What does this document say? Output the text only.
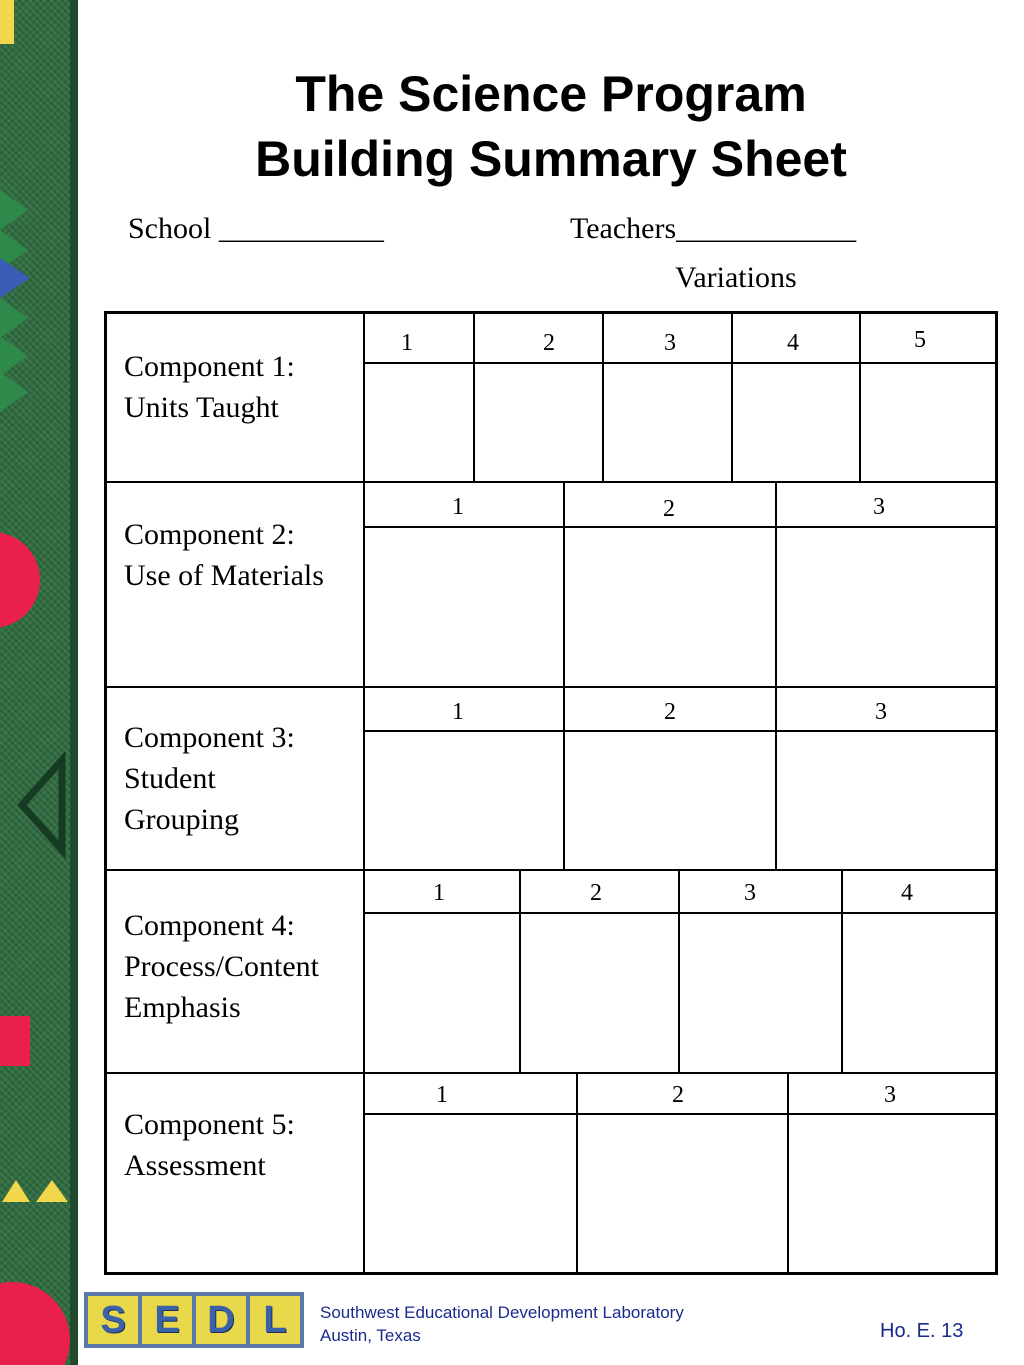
The Science Program
Building Summary Sheet
School ___________	Teachers____________
Variations
Component 1:
Units Taught
1	2	3	4	5
Component 2:
Use of Materials
1	2	3
Component 3:
Student
Grouping
1	2	3
Component 4:
Process/Content
Emphasis
1	2	3	4
Component 5:
Assessment
1	2	3
S E D L	Southwest Educational Development Laboratory
Austin, Texas	Ho. E. 13
